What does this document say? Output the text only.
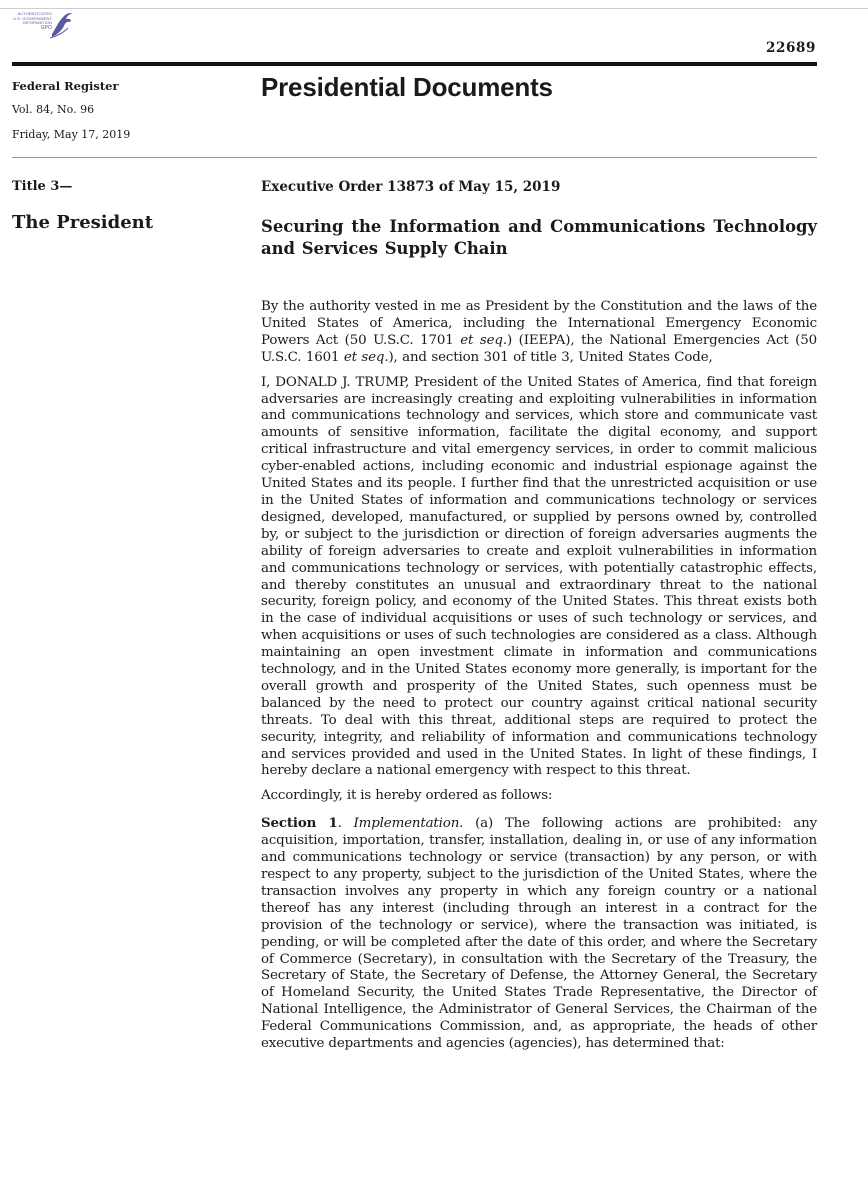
AUTHENTICATED
U.S. GOVERNMENT
INFORMATION
GPO
22689
Federal Register
Vol. 84, No. 96
Friday, May 17, 2019
Presidential Documents
Title 3—
The President
Executive Order 13873 of May 15, 2019
Securing the Information and Communications Technology and Services Supply Chain

By the authority vested in me as President by the Constitution and the laws of the United States of America, including the International Emergency Economic Powers Act (50 U.S.C. 1701 et seq.) (IEEPA), the National Emergencies Act (50 U.S.C. 1601 et seq.), and section 301 of title 3, United States Code,

I, DONALD J. TRUMP, President of the United States of America, find that foreign adversaries are increasingly creating and exploiting vulnerabilities in information and communications technology and services, which store and communicate vast amounts of sensitive information, facilitate the digital economy, and support critical infrastructure and vital emergency services, in order to commit malicious cyber-enabled actions, including economic and industrial espionage against the United States and its people. I further find that the unrestricted acquisition or use in the United States of information and communications technology or services designed, developed, manufactured, or supplied by persons owned by, controlled by, or subject to the jurisdiction or direction of foreign adversaries augments the ability of foreign adversaries to create and exploit vulnerabilities in information and communications technology or services, with potentially catastrophic effects, and thereby constitutes an unusual and extraordinary threat to the national security, foreign policy, and economy of the United States. This threat exists both in the case of individual acquisitions or uses of such technology or services, and when acquisitions or uses of such technologies are considered as a class. Although maintaining an open investment climate in information and communications technology, and in the United States economy more generally, is important for the overall growth and prosperity of the United States, such openness must be balanced by the need to protect our country against critical national security threats. To deal with this threat, additional steps are required to protect the security, integrity, and reliability of information and communications technology and services provided and used in the United States. In light of these findings, I hereby declare a national emergency with respect to this threat.

Accordingly, it is hereby ordered as follows:

Section 1. Implementation. (a) The following actions are prohibited: any acquisition, importation, transfer, installation, dealing in, or use of any information and communications technology or service (transaction) by any person, or with respect to any property, subject to the jurisdiction of the United States, where the transaction involves any property in which any foreign country or a national thereof has any interest (including through an interest in a contract for the provision of the technology or service), where the transaction was initiated, is pending, or will be completed after the date of this order, and where the Secretary of Commerce (Secretary), in consultation with the Secretary of the Treasury, the Secretary of State, the Secretary of Defense, the Attorney General, the Secretary of Homeland Security, the United States Trade Representative, the Director of National Intelligence, the Administrator of General Services, the Chairman of the Federal Communications Commission, and, as appropriate, the heads of other executive departments and agencies (agencies), has determined that:
